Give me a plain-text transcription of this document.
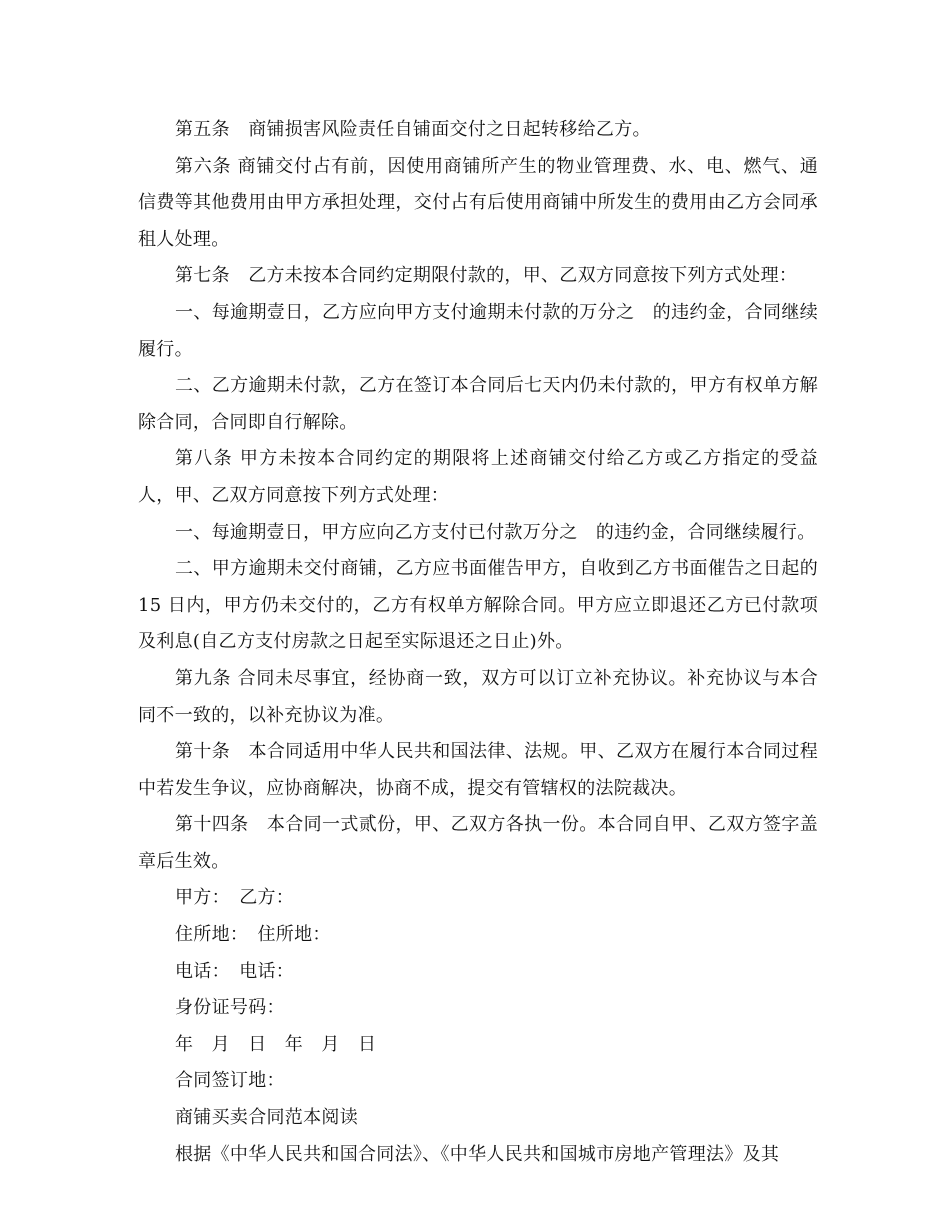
第五条　商铺损害风险责任自铺面交付之日起转移给乙方。

第六条 商铺交付占有前，因使用商铺所产生的物业管理费、水、电、燃气、通信费等其他费用由甲方承担处理，交付占有后使用商铺中所发生的费用由乙方会同承租人处理。

第七条　乙方未按本合同约定期限付款的，甲、乙双方同意按下列方式处理：

一、每逾期壹日，乙方应向甲方支付逾期未付款的万分之　的违约金，合同继续履行。

二、乙方逾期未付款，乙方在签订本合同后七天内仍未付款的，甲方有权单方解除合同，合同即自行解除。

第八条 甲方未按本合同约定的期限将上述商铺交付给乙方或乙方指定的受益人，甲、乙双方同意按下列方式处理：

一、每逾期壹日，甲方应向乙方支付已付款万分之　的违约金，合同继续履行。

二、甲方逾期未交付商铺，乙方应书面催告甲方，自收到乙方书面催告之日起的 15 日内，甲方仍未交付的，乙方有权单方解除合同。甲方应立即退还乙方已付款项及利息(自乙方支付房款之日起至实际退还之日止)外。

第九条 合同未尽事宜，经协商一致，双方可以订立补充协议。补充协议与本合同不一致的，以补充协议为准。

第十条　本合同适用中华人民共和国法律、法规。甲、乙双方在履行本合同过程中若发生争议，应协商解决，协商不成，提交有管辖权的法院裁决。

第十四条　本合同一式贰份，甲、乙双方各执一份。本合同自甲、乙双方签字盖章后生效。

甲方：　乙方：

住所地：　住所地：

电话：　电话：

身份证号码：

年　月　日　年　月　日

合同签订地：

商铺买卖合同范本阅读

根据《中华人民共和国合同法》、《中华人民共和国城市房地产管理法》及其
